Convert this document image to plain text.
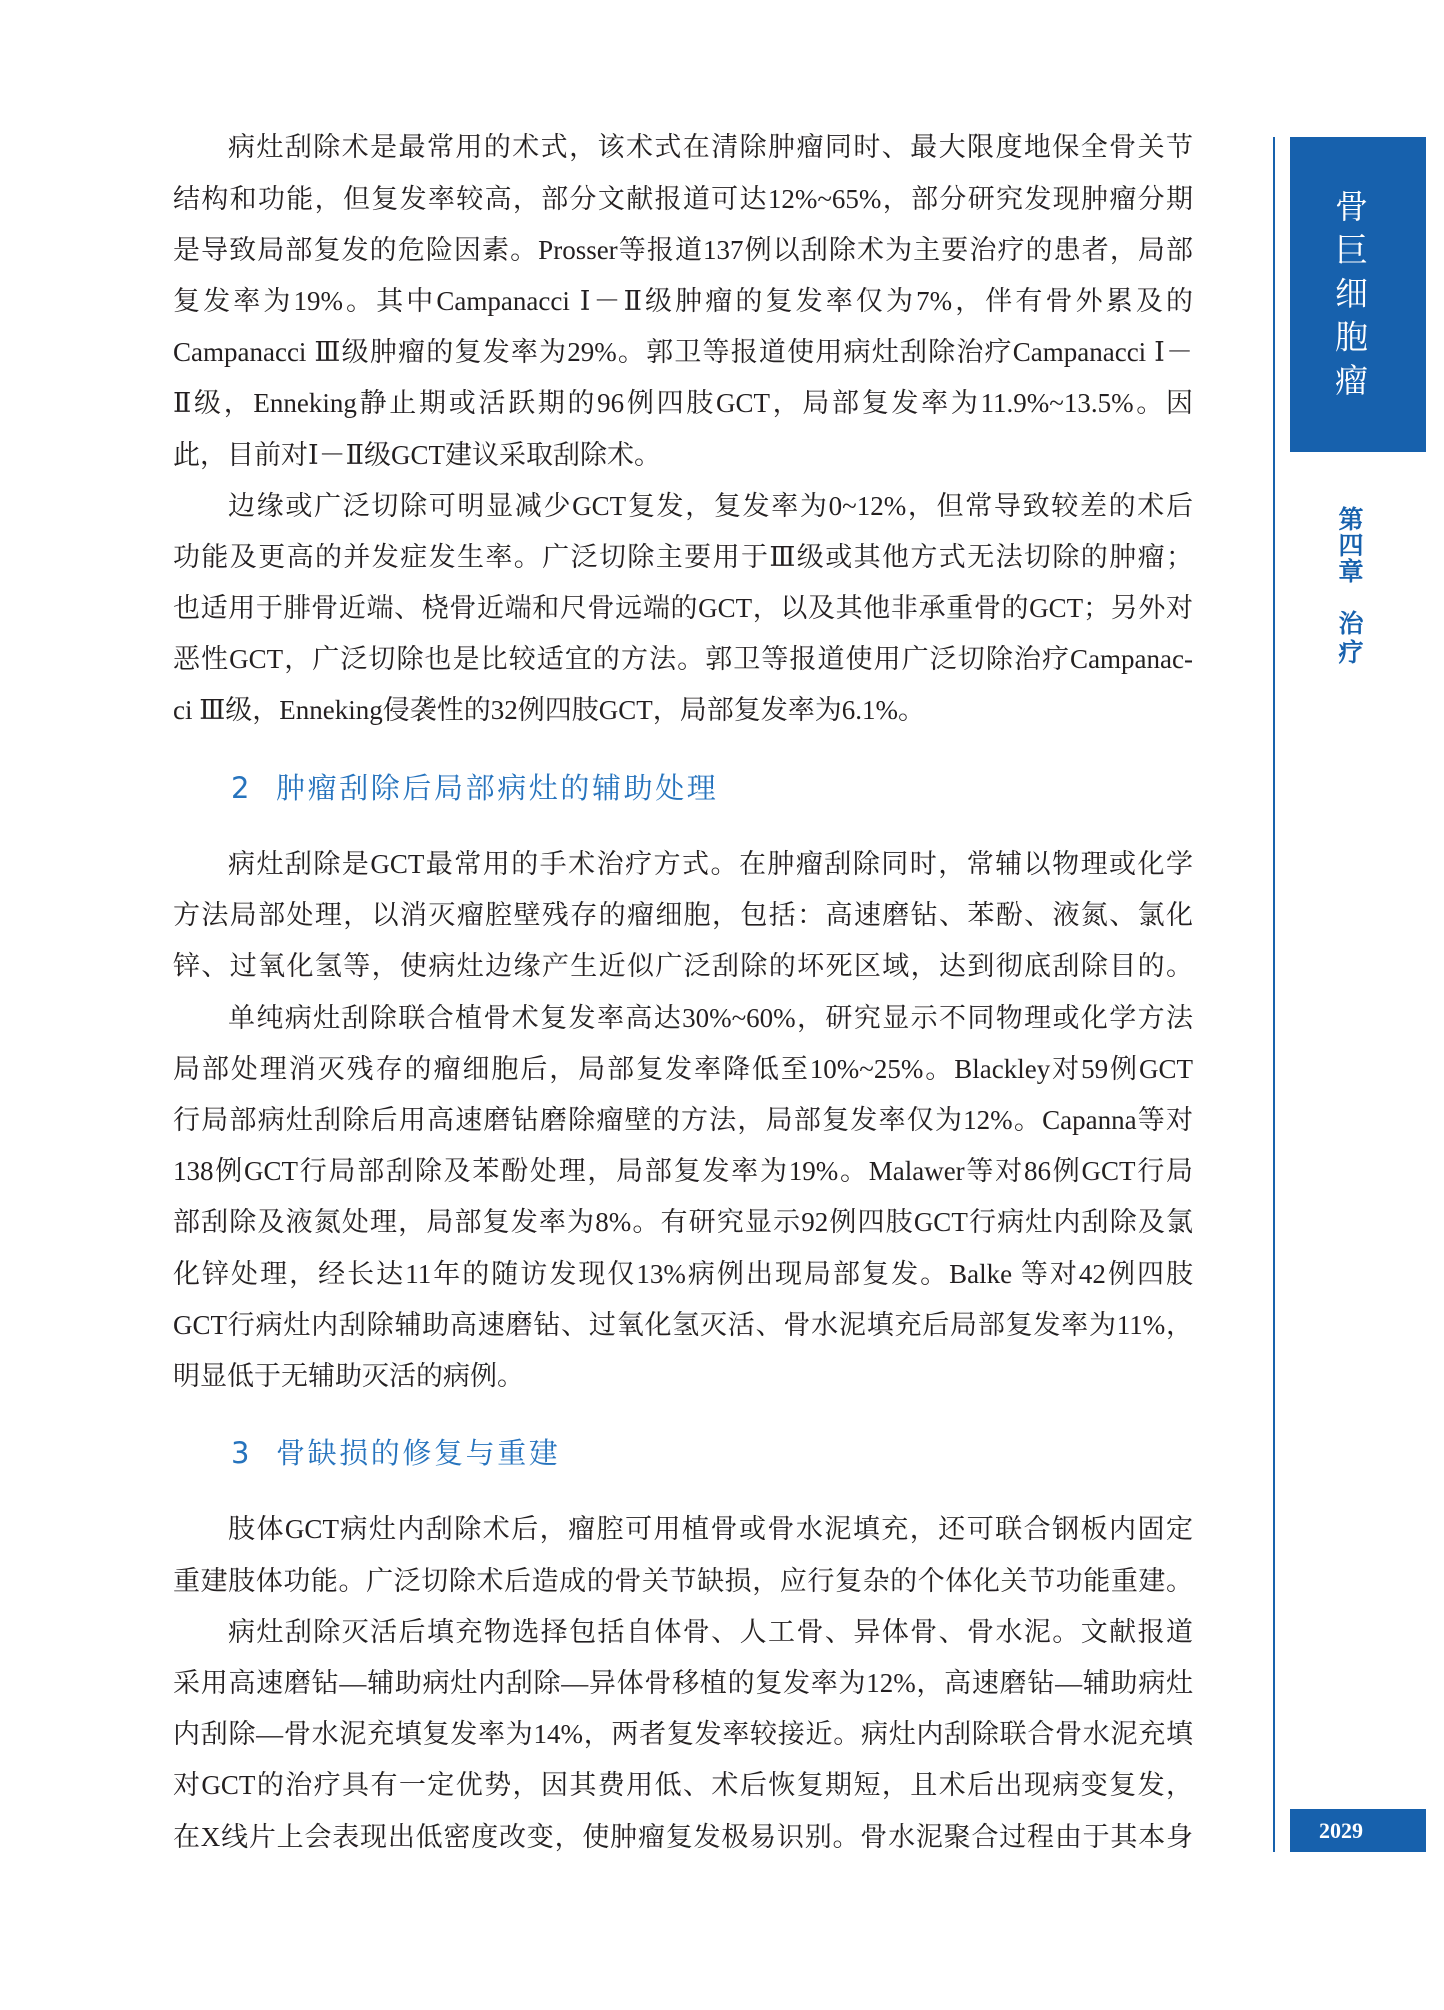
病灶刮除术是最常用的术式，该术式在清除肿瘤同时、最大限度地保全骨关节
结构和功能，但复发率较高，部分文献报道可达12%~65%，部分研究发现肿瘤分期
是导致局部复发的危险因素。Prosser等报道137例以刮除术为主要治疗的患者，局部
复发率为19%。其中Campanacci Ⅰ－Ⅱ级肿瘤的复发率仅为7%，伴有骨外累及的
Campanacci Ⅲ级肿瘤的复发率为29%。郭卫等报道使用病灶刮除治疗Campanacci Ⅰ－
Ⅱ级，Enneking静止期或活跃期的96例四肢GCT，局部复发率为11.9%~13.5%。因
此，目前对Ⅰ－Ⅱ级GCT建议采取刮除术。
边缘或广泛切除可明显减少GCT复发，复发率为0~12%，但常导致较差的术后
功能及更高的并发症发生率。广泛切除主要用于Ⅲ级或其他方式无法切除的肿瘤；
也适用于腓骨近端、桡骨近端和尺骨远端的GCT，以及其他非承重骨的GCT；另外对
恶性GCT，广泛切除也是比较适宜的方法。郭卫等报道使用广泛切除治疗Campanac-
ci Ⅲ级，Enneking侵袭性的32例四肢GCT，局部复发率为6.1%。
2 肿瘤刮除后局部病灶的辅助处理
病灶刮除是GCT最常用的手术治疗方式。在肿瘤刮除同时，常辅以物理或化学
方法局部处理，以消灭瘤腔壁残存的瘤细胞，包括：高速磨钻、苯酚、液氮、氯化
锌、过氧化氢等，使病灶边缘产生近似广泛刮除的坏死区域，达到彻底刮除目的。
单纯病灶刮除联合植骨术复发率高达30%~60%，研究显示不同物理或化学方法
局部处理消灭残存的瘤细胞后，局部复发率降低至10%~25%。Blackley对59例GCT
行局部病灶刮除后用高速磨钻磨除瘤壁的方法，局部复发率仅为12%。Capanna等对
138例GCT行局部刮除及苯酚处理，局部复发率为19%。Malawer等对86例GCT行局
部刮除及液氮处理，局部复发率为8%。有研究显示92例四肢GCT行病灶内刮除及氯
化锌处理，经长达11年的随访发现仅13%病例出现局部复发。Balke 等对42例四肢
GCT行病灶内刮除辅助高速磨钻、过氧化氢灭活、骨水泥填充后局部复发率为11%，
明显低于无辅助灭活的病例。
3 骨缺损的修复与重建
肢体GCT病灶内刮除术后，瘤腔可用植骨或骨水泥填充，还可联合钢板内固定
重建肢体功能。广泛切除术后造成的骨关节缺损，应行复杂的个体化关节功能重建。
病灶刮除灭活后填充物选择包括自体骨、人工骨、异体骨、骨水泥。文献报道
采用高速磨钻—辅助病灶内刮除—异体骨移植的复发率为12%，高速磨钻—辅助病灶
内刮除—骨水泥充填复发率为14%，两者复发率较接近。病灶内刮除联合骨水泥充填
对GCT的治疗具有一定优势，因其费用低、术后恢复期短，且术后出现病变复发，
在X线片上会表现出低密度改变，使肿瘤复发极易识别。骨水泥聚合过程由于其本身
骨巨细胞瘤
第四章
治疗
2029
